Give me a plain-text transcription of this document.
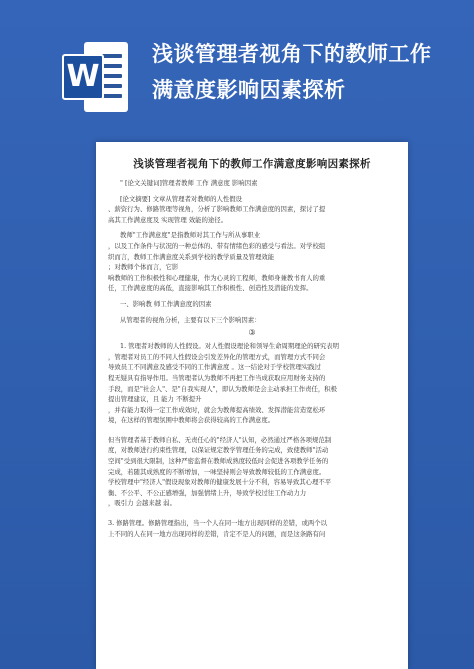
W
浅谈管理者视角下的教师工作
满意度影响因素探析
浅谈管理者视角下的教师工作满意度影响因素探析
" [论文关键词]管理者教师 工作 满意度 影响因素
[论文摘要] 文章从管理者对教师的人性假设
、薪资行为、修路管理等视角，分析了影响教师工作满意度的因素，探讨了提
高其工作满意度及 实现管理 效能的途径。
教师"工作满意度"是指教师对其工作与所从事职业
，以及工作条件与状况的一种总体的、带有情绪色彩的感受与看法。对学校组
织而言，教师工作满意度关系到学校的教学质量及管理效能
；对教师个体而言，它影
响教师的工作积极性和心理健康，作为心灵的工程师，教师身兼教书育人的重
任，工作满意度的高低，直接影响其工作积极性、创造性及潜能的发挥。
一、影响教 师工作满意度的因素
从管理者的视角分析，主要有以下三个影响因素：
③
1. 管理者对教师的人性假设。对人性假设理论和领导生命周期理论的研究表明
，管理者对员工的不同人性假设会引发差异化的管理方式，而管理方式不同会
导致员工不同满意及感受不同的工作满意度 。这一结论对于学校管理实践过
程无疑具有指导作用。当管理者认为教师不再把工作当成获取应用财务支持的
手段，而是"社会人"、是"自我实现人"，即认为教师是会主动承担工作责任，积极
提出管理建议，且 能力 不断提升
，并有能力取得一定工作成效时，就会为教师提高绩效、发挥潜能营造宽松环
境，在这样的管理氛围中教师将会获得较高的工作满意度。
但当管理者基于教师自私、无责任心的"经济人"认知，必然通过严格各项规范制
度，对教师进行约束性管理，以保证规定教学管理任务的完成，致使教师"活动
空间"受到很大限制，这种严密监督在教师成熟度较低时会促进各项教学任务的
完成，若随其成熟度的不断增加，一味坚持则会导致教师较低的工作满意度。
学校管理中"经济人"假设现象对教师的健康发展十分不利，容易导致其心理不平
衡、不公平、不公正感增强，加强情绪上升，导致学校过往工作动力力
，吸引力 会越来越 弱。
3. 修路管理。修路管理指出，当一个人在同一地方出现同样的差错，或两个以
上不同的人在同一地方出现同样的差错，肯定不是人的问题，而是这条路有问
